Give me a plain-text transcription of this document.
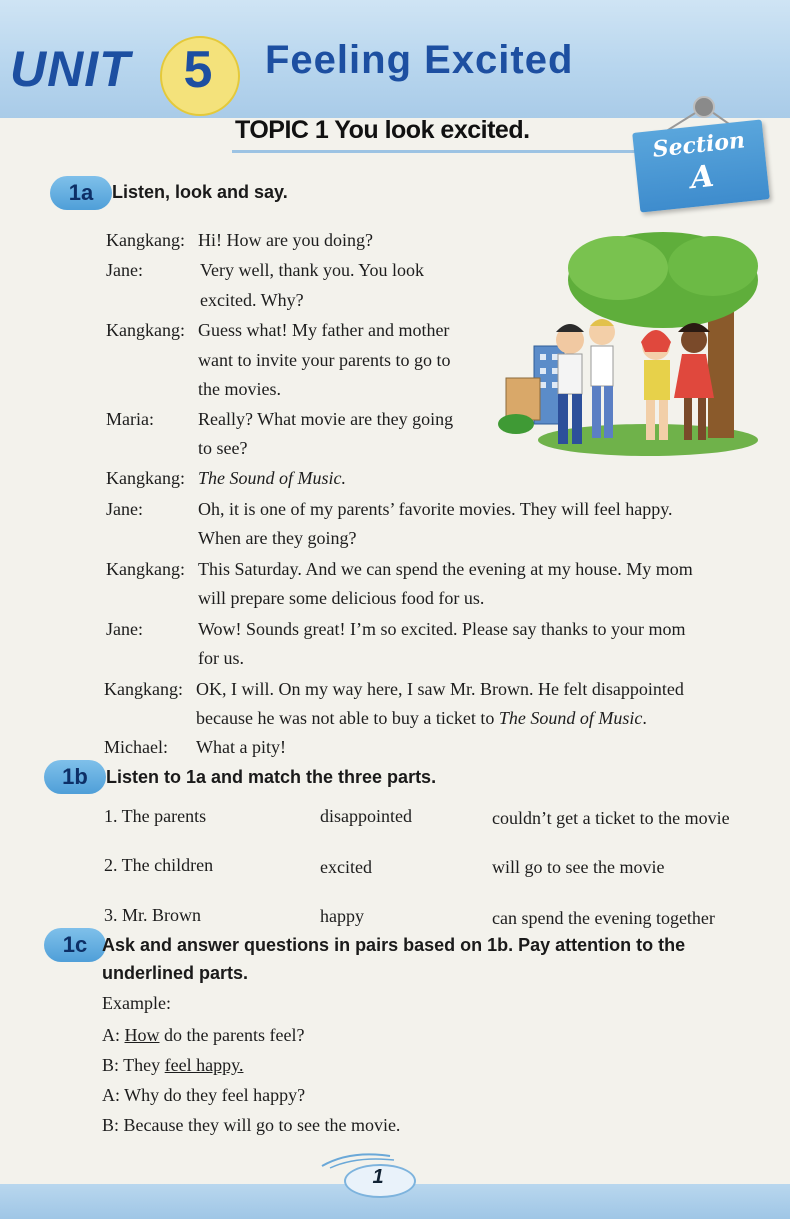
UNIT	5	Feeling Excited
TOPIC 1 You look excited.	Section
A
1a	Listen, look and say.
Kangkang: Hi! How are you doing?
Jane:	Very well, thank you. You look
excited. Why?
Kangkang: Guess what! My father and mother
want to invite your parents to go to
the movies.
Maria: Really? What movie are they going
to see?
Kangkang: The Sound of Music.
Jane:	Oh, it is one of my parents’ favorite movies. They will feel happy.
When are they going?
Kangkang: This Saturday. And we can spend the evening at my house. My mom
will prepare some delicious food for us.
Jane:	Wow! Sounds great! I’m so excited. Please say thanks to your mom
for us.
Kangkang: OK, I will. On my way here, I saw Mr. Brown. He felt disappointed
because he was not able to buy a ticket to The Sound of Music.
Michael: What a pity!
1b	Listen to 1a and match the three parts.
1. The parents	disappointed	couldn’t get a ticket to the movie
2. The children	excited	will go to see the movie
3. Mr. Brown	happy	can spend the evening together
1c Ask and answer questions in pairs based on 1b. Pay attention to the
underlined parts.
Example:
A: How do the parents feel?
B: They feel happy.
A: Why do they feel happy?
B: Because they will go to see the movie.
1
